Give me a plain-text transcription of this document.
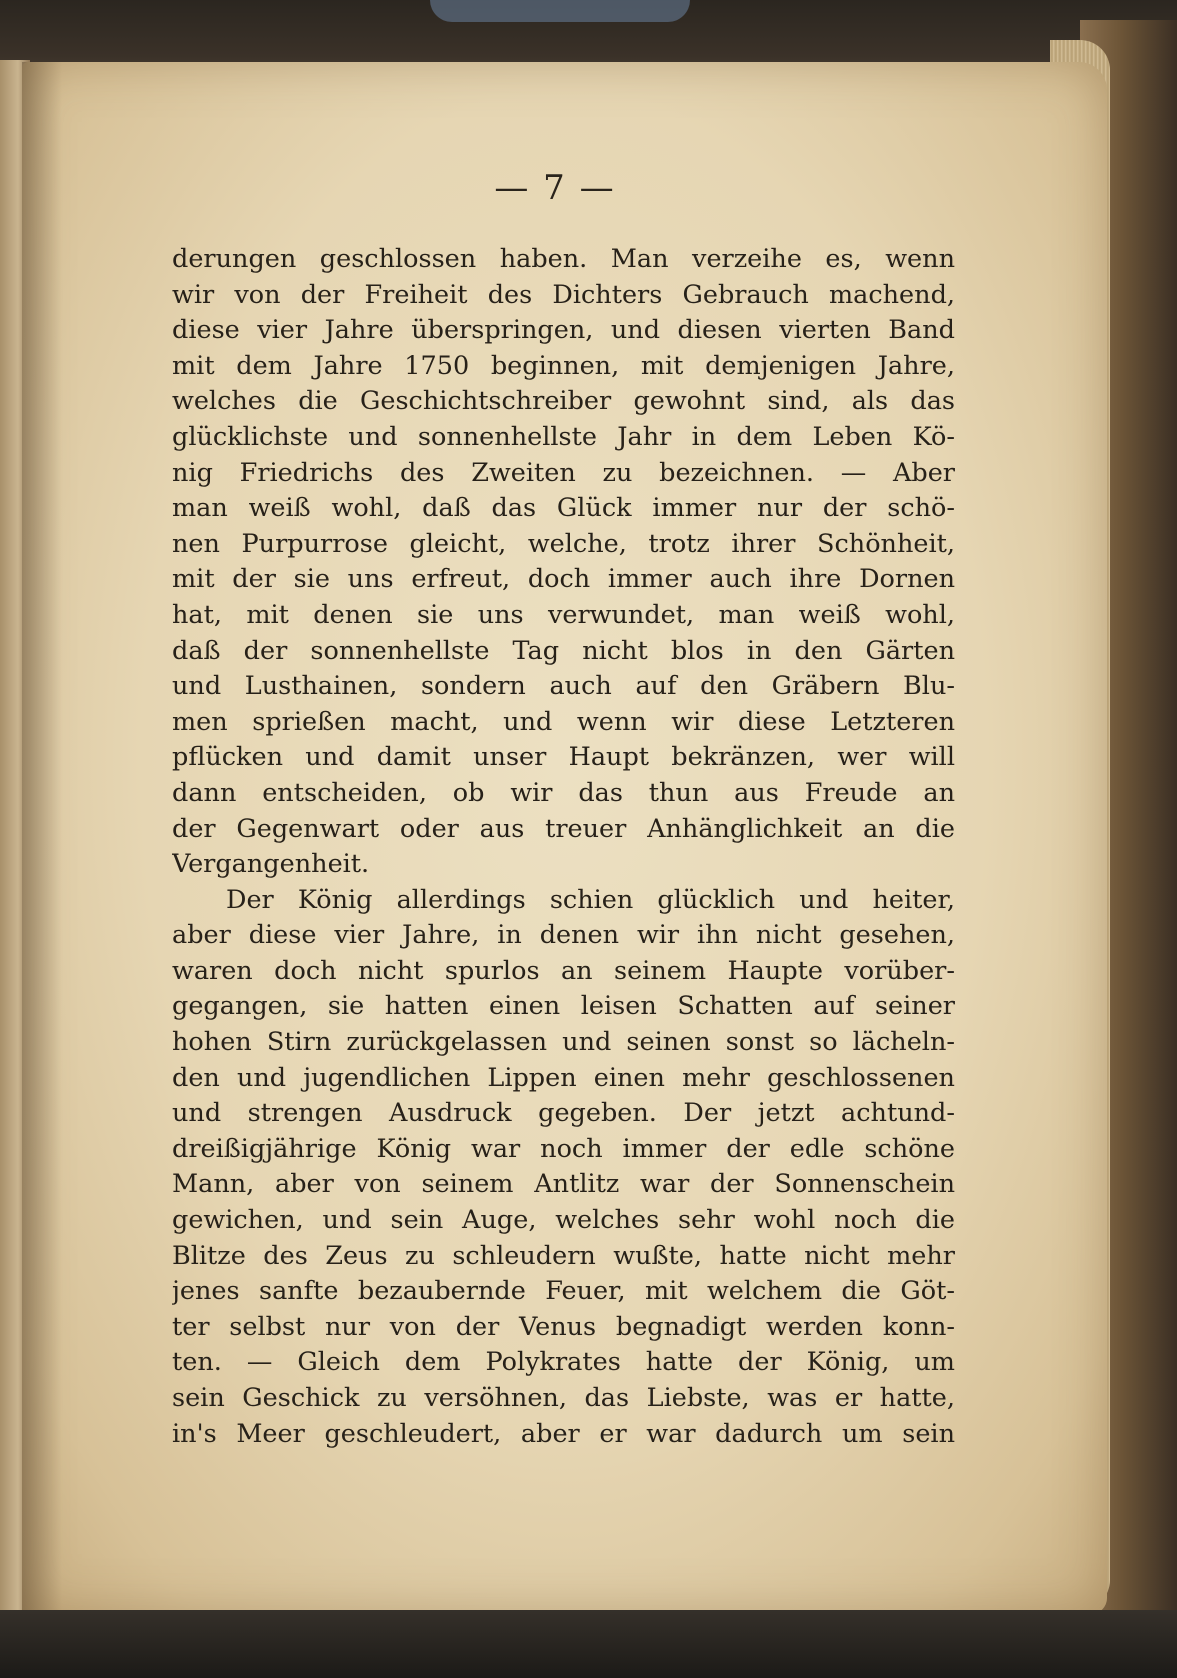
— 7 —
derungen geschlossen haben. Man verzeihe es, wenn
wir von der Freiheit des Dichters Gebrauch machend,
diese vier Jahre überspringen, und diesen vierten Band
mit dem Jahre 1750 beginnen, mit demjenigen Jahre,
welches die Geschichtschreiber gewohnt sind, als das
glücklichste und sonnenhellste Jahr in dem Leben Kö-
nig Friedrichs des Zweiten zu bezeichnen. — Aber
man weiß wohl, daß das Glück immer nur der schö-
nen Purpurrose gleicht, welche, trotz ihrer Schönheit,
mit der sie uns erfreut, doch immer auch ihre Dornen
hat, mit denen sie uns verwundet, man weiß wohl,
daß der sonnenhellste Tag nicht blos in den Gärten
und Lusthainen, sondern auch auf den Gräbern Blu-
men sprießen macht, und wenn wir diese Letzteren
pflücken und damit unser Haupt bekränzen, wer will
dann entscheiden, ob wir das thun aus Freude an
der Gegenwart oder aus treuer Anhänglichkeit an die
Vergangenheit.
Der König allerdings schien glücklich und heiter,
aber diese vier Jahre, in denen wir ihn nicht gesehen,
waren doch nicht spurlos an seinem Haupte vorüber-
gegangen, sie hatten einen leisen Schatten auf seiner
hohen Stirn zurückgelassen und seinen sonst so lächeln-
den und jugendlichen Lippen einen mehr geschlossenen
und strengen Ausdruck gegeben. Der jetzt achtund-
dreißigjährige König war noch immer der edle schöne
Mann, aber von seinem Antlitz war der Sonnenschein
gewichen, und sein Auge, welches sehr wohl noch die
Blitze des Zeus zu schleudern wußte, hatte nicht mehr
jenes sanfte bezaubernde Feuer, mit welchem die Göt-
ter selbst nur von der Venus begnadigt werden konn-
ten. — Gleich dem Polykrates hatte der König, um
sein Geschick zu versöhnen, das Liebste, was er hatte,
in's Meer geschleudert, aber er war dadurch um sein
